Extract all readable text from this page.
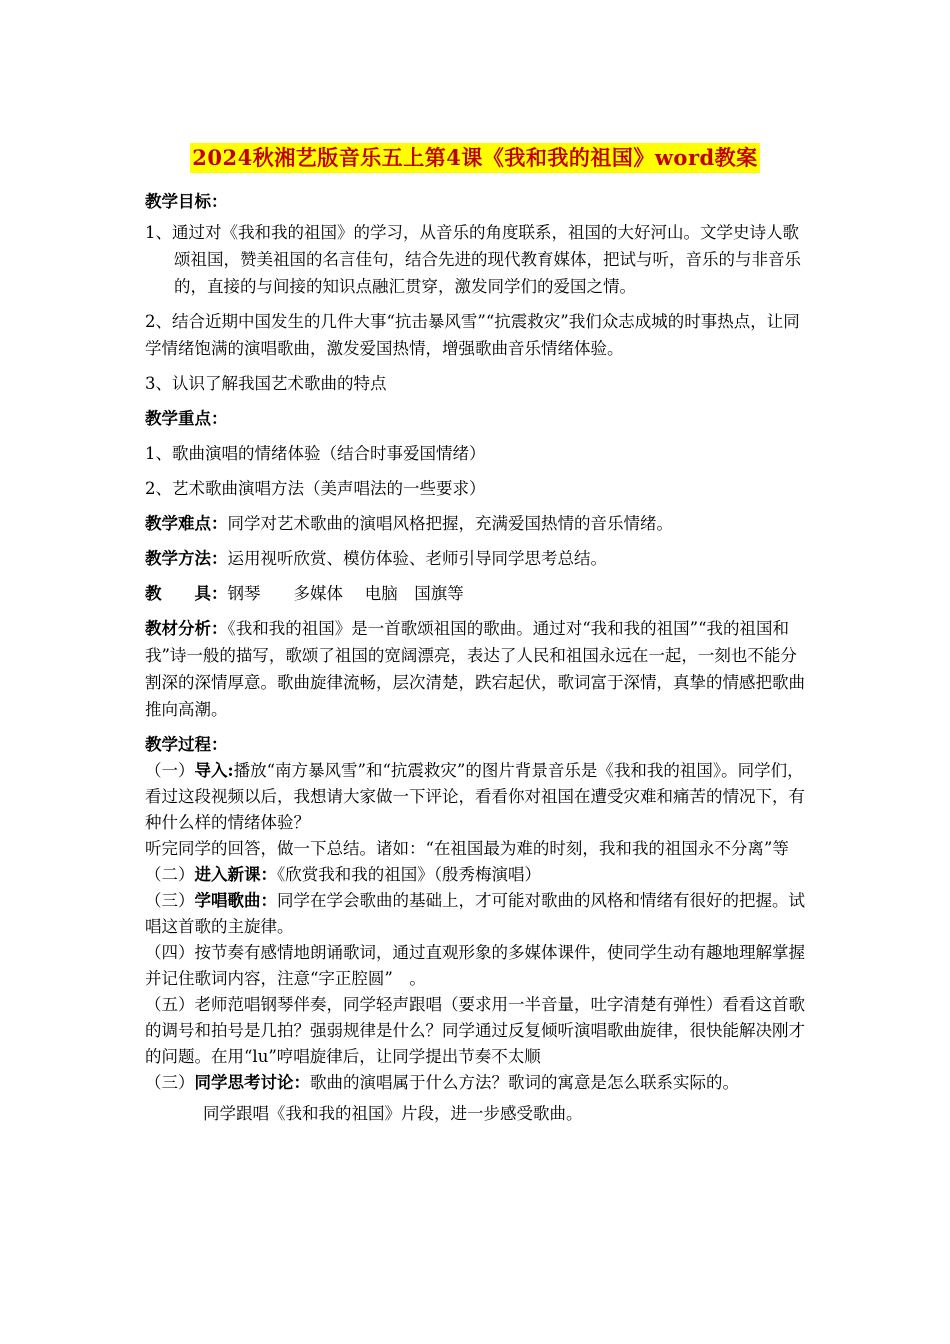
2024秋湘艺版音乐五上第4课《我和我的祖国》word教案

教学目标：

1、通过对《我和我的祖国》的学习，从音乐的角度联系，祖国的大好河山。文学史诗人歌颂祖国，赞美祖国的名言佳句，结合先进的现代教育媒体，把试与听，音乐的与非音乐的，直接的与间接的知识点融汇贯穿，激发同学们的爱国之情。

2、结合近期中国发生的几件大事“抗击暴风雪”“抗震救灾”我们众志成城的时事热点，让同学情绪饱满的演唱歌曲，激发爱国热情，增强歌曲音乐情绪体验。

3、认识了解我国艺术歌曲的特点

教学重点：

1、歌曲演唱的情绪体验（结合时事爱国情绪）

2、艺术歌曲演唱方法（美声唱法的一些要求）

教学难点：同学对艺术歌曲的演唱风格把握，充满爱国热情的音乐情绪。

教学方法：运用视听欣赏、模仿体验、老师引导同学思考总结。

教　　具：钢琴　　多媒体　 电脑　国旗等

教材分析：《我和我的祖国》是一首歌颂祖国的歌曲。通过对“我和我的祖国”“我的祖国和我”诗一般的描写，歌颂了祖国的宽阔漂亮，表达了人民和祖国永远在一起，一刻也不能分割深的深情厚意。歌曲旋律流畅，层次清楚，跌宕起伏，歌词富于深情，真挚的情感把歌曲推向高潮。

教学过程：

（一）导入:播放“南方暴风雪”和“抗震救灾”的图片背景音乐是《我和我的祖国》。同学们，看过这段视频以后，我想请大家做一下评论，看看你对祖国在遭受灾难和痛苦的情况下，有种什么样的情绪体验？

听完同学的回答，做一下总结。诸如：“在祖国最为难的时刻，我和我的祖国永不分离”等

（二）进入新课：《欣赏我和我的祖国》（殷秀梅演唱）

（三）学唱歌曲：同学在学会歌曲的基础上，才可能对歌曲的风格和情绪有很好的把握。试唱这首歌的主旋律。

（四）按节奏有感情地朗诵歌词，通过直观形象的多媒体课件，使同学生动有趣地理解掌握并记住歌词内容，注意“字正腔圆”　。

（五）老师范唱钢琴伴奏，同学轻声跟唱（要求用一半音量，吐字清楚有弹性）看看这首歌的调号和拍号是几拍？强弱规律是什么？同学通过反复倾听演唱歌曲旋律，很快能解决刚才的问题。在用“lu”哼唱旋律后，让同学提出节奏不太顺

（三）同学思考讨论：歌曲的演唱属于什么方法？歌词的寓意是怎么联系实际的。

同学跟唱《我和我的祖国》片段，进一步感受歌曲。
